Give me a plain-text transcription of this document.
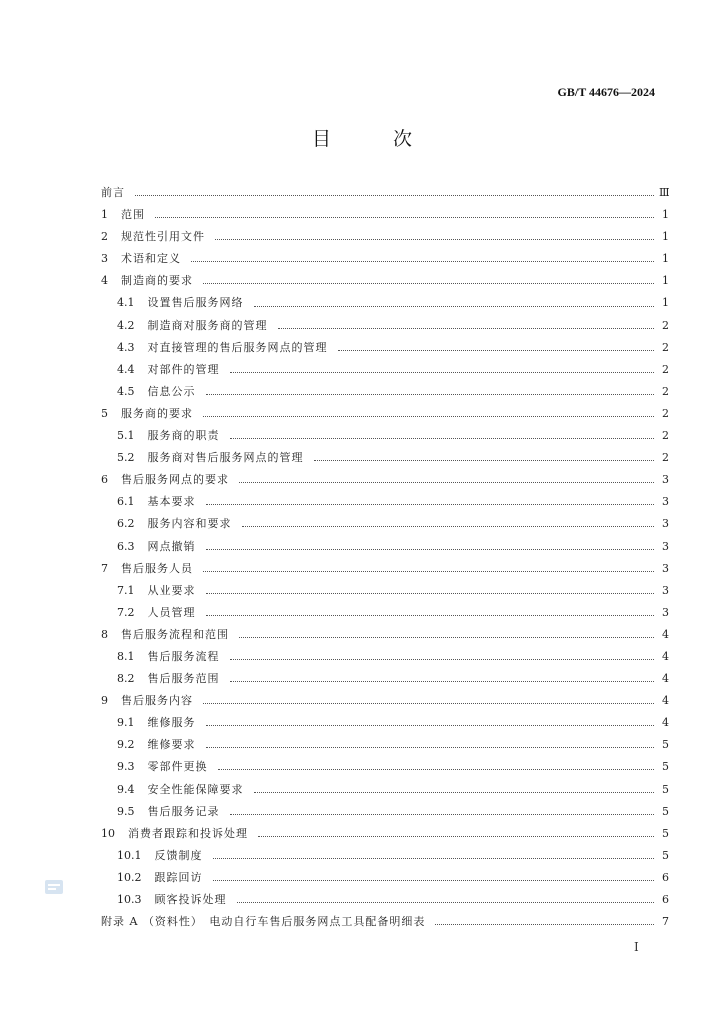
GB/T 44676—2024
目 次
前言	Ⅲ
1 范围	1
2 规范性引用文件	1
3 术语和定义	1
4 制造商的要求	1
4.1 设置售后服务网络	1
4.2 制造商对服务商的管理	2
4.3 对直接管理的售后服务网点的管理	2
4.4 对部件的管理	2
4.5 信息公示	2
5 服务商的要求	2
5.1 服务商的职责	2
5.2 服务商对售后服务网点的管理	2
6 售后服务网点的要求	3
6.1 基本要求	3
6.2 服务内容和要求	3
6.3 网点撤销	3
7 售后服务人员	3
7.1 从业要求	3
7.2 人员管理	3
8 售后服务流程和范围	4
8.1 售后服务流程	4
8.2 售后服务范围	4
9 售后服务内容	4
9.1 维修服务	4
9.2 维修要求	5
9.3 零部件更换	5
9.4 安全性能保障要求	5
9.5 售后服务记录	5
10 消费者跟踪和投诉处理	5
10.1 反馈制度	5
10.2 跟踪回访	6
10.3 顾客投诉处理	6
附录 A （资料性）　电动自行车售后服务网点工具配备明细表	7
Ⅰ
